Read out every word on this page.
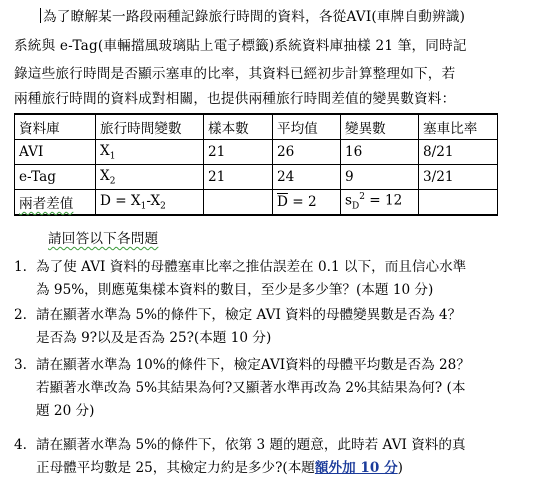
為了瞭解某一路段兩種記錄旅行時間的資料，各從AVI(車牌自動辨識)
系統與 e-Tag(車輛擋風玻璃貼上電子標籤)系統資料庫抽樣 21 筆，同時記
錄這些旅行時間是否顯示塞車的比率，其資料已經初步計算整理如下，若
兩種旅行時間的資料成對相關，也提供兩種旅行時間差值的變異數資料：
資料庫	旅行時間變數	樣本數	平均值	變異數	塞車比率
AVI	$X_1$	21	26	16	8/21
e-Tag	$X_2$	21	24	9	3/21
兩者差值	$D = X_1-X_2$		$\overline{D} = 2$	$s_D^2 = 12$	
請回答以下各問題
1. 為了使 AVI 資料的母體塞車比率之推估誤差在 0.1 以下，而且信心水準
為 95%，則應蒐集樣本資料的數目，至少是多少筆？(本題 10 分)
2. 請在顯著水準為 5%的條件下，檢定 AVI 資料的母體變異數是否為 4？
是否為 9?以及是否為 25?(本題 10 分)
3. 請在顯著水準為 10%的條件下，檢定AVI資料的母體平均數是否為 28？
若顯著水準改為 5%其結果為何?又顯著水準再改為 2%其結果為何? (本
題 20 分)
4. 請在顯著水準為 5%的條件下，依第 3 題的題意，此時若 AVI 資料的真
正母體平均數是 25，其檢定力約是多少?(本題額外加 10 分)
